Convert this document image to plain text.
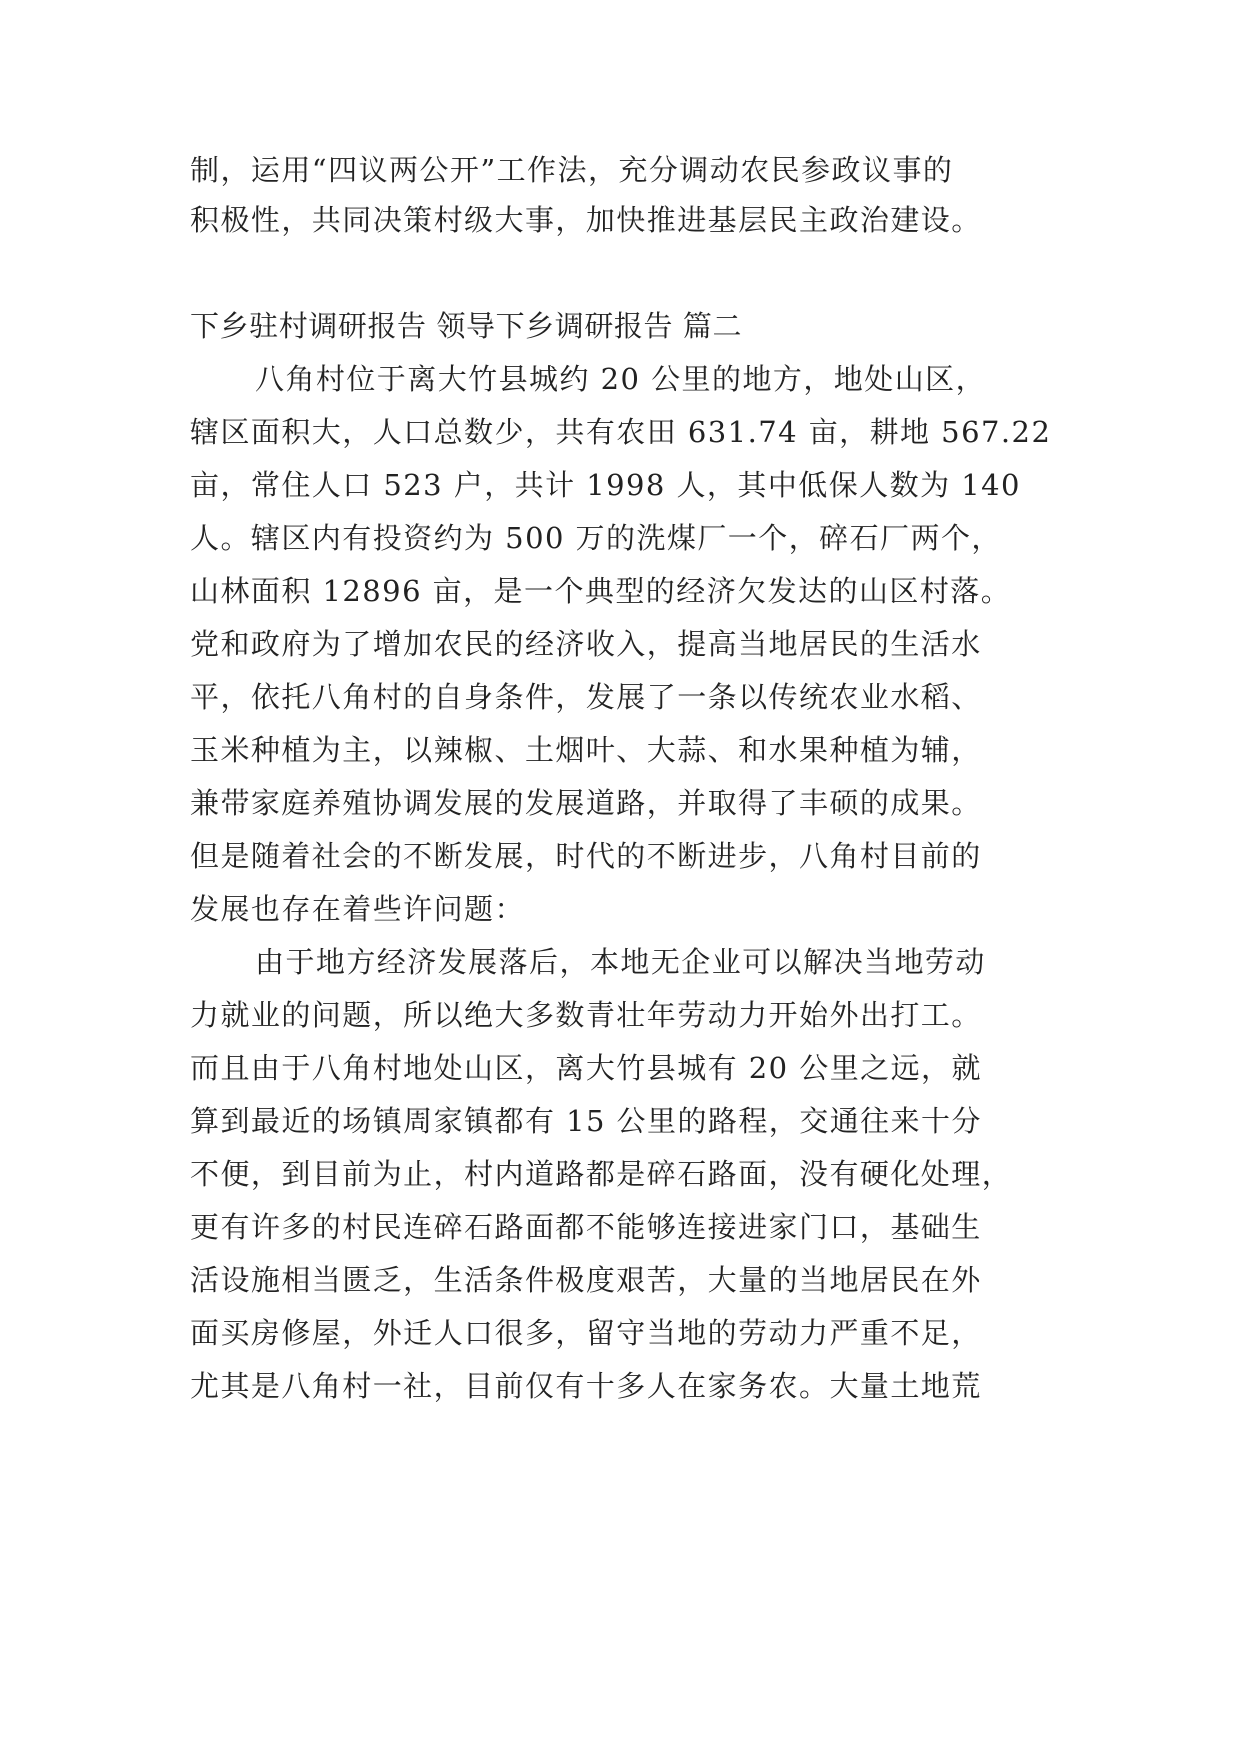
制，运用“四议两公开”工作法，充分调动农民参政议事的
积极性，共同决策村级大事，加快推进基层民主政治建设。
下乡驻村调研报告 领导下乡调研报告 篇二
八角村位于离大竹县城约 20 公里的地方，地处山区，
辖区面积大，人口总数少，共有农田 631.74 亩，耕地 567.22
亩，常住人口 523 户，共计 1998 人，其中低保人数为 140
人。辖区内有投资约为 500 万的洗煤厂一个，碎石厂两个，
山林面积 12896 亩，是一个典型的经济欠发达的山区村落。
党和政府为了增加农民的经济收入，提高当地居民的生活水
平，依托八角村的自身条件，发展了一条以传统农业水稻、
玉米种植为主，以辣椒、土烟叶、大蒜、和水果种植为辅，
兼带家庭养殖协调发展的发展道路，并取得了丰硕的成果。
但是随着社会的不断发展，时代的不断进步，八角村目前的
发展也存在着些许问题：
由于地方经济发展落后，本地无企业可以解决当地劳动
力就业的问题，所以绝大多数青壮年劳动力开始外出打工。
而且由于八角村地处山区，离大竹县城有 20 公里之远，就
算到最近的场镇周家镇都有 15 公里的路程，交通往来十分
不便，到目前为止，村内道路都是碎石路面，没有硬化处理，
更有许多的村民连碎石路面都不能够连接进家门口，基础生
活设施相当匮乏，生活条件极度艰苦，大量的当地居民在外
面买房修屋，外迁人口很多，留守当地的劳动力严重不足，
尤其是八角村一社，目前仅有十多人在家务农。大量土地荒
